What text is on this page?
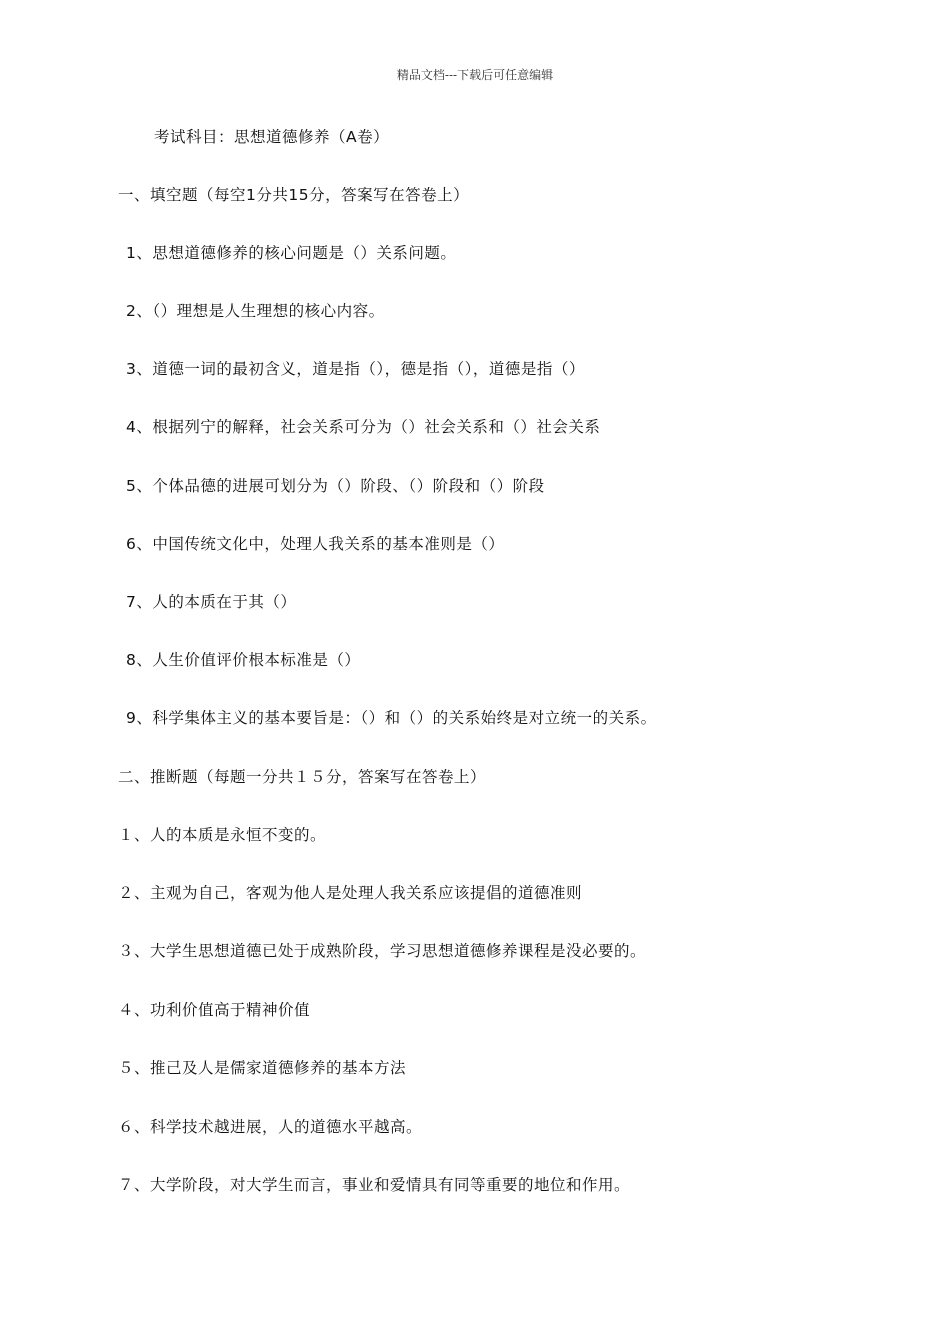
精品文档---下载后可任意编辑
考试科目：思想道德修养（A卷）
一、填空题（每空1分共15分，答案写在答卷上）
1、思想道德修养的核心问题是（）关系问题。
2、（）理想是人生理想的核心内容。
3、道德一词的最初含义，道是指（），德是指（），道德是指（）
4、根据列宁的解释，社会关系可分为（）社会关系和（）社会关系
5、个体品德的进展可划分为（）阶段、（）阶段和（）阶段
6、中国传统文化中，处理人我关系的基本准则是（）
7、人的本质在于其（）
8、人生价值评价根本标准是（）
9、科学集体主义的基本要旨是：（）和（）的关系始终是对立统一的关系。
二、推断题（每题一分共１５分，答案写在答卷上）
１、人的本质是永恒不变的。
２、主观为自己，客观为他人是处理人我关系应该提倡的道德准则
３、大学生思想道德已处于成熟阶段，学习思想道德修养课程是没必要的。
４、功利价值高于精神价值
５、推己及人是儒家道德修养的基本方法
６、科学技术越进展，人的道德水平越高。
７、大学阶段，对大学生而言，事业和爱情具有同等重要的地位和作用。
